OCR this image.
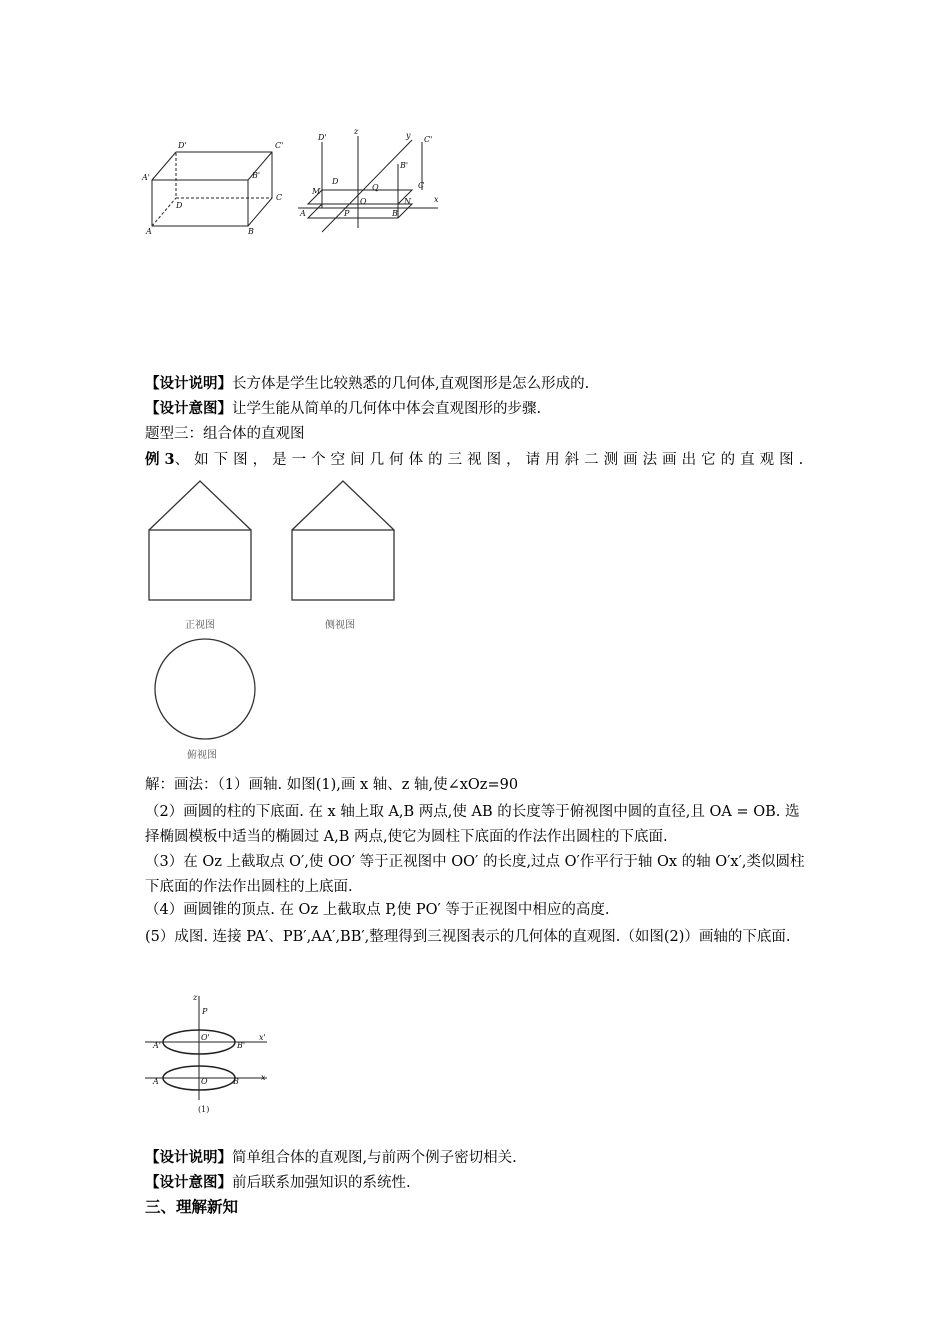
D'	C'
A'	B'
D
C
A	B
D'
z	y C'
B'
M
D
Q	C
x
O
A	P	B
N
【设计说明】长方体是学生比较熟悉的几何体,直观图形是怎么形成的.
【设计意图】让学生能从简单的几何体中体会直观图形的步骤.
题型三：组合体的直观图
例 3、如下图，是一个空间几何体的三视图，请用斜二测画法画出它的直观图.
正视图	侧视图
俯视图
解：画法：（1）画轴. 如图(1),画 x 轴、z 轴,使∠xOz=90
（2）画圆的柱的下底面. 在 x 轴上取 A,B 两点,使 AB 的长度等于俯视图中圆的直径,且 OA = OB. 选择椭圆模板中适当的椭圆过 A,B 两点,使它为圆柱下底面的作法作出圆柱的下底面.
（3）在 Oz 上截取点 O′,使 OO′ 等于正视图中 OO′ 的长度,过点 O′作平行于轴 Ox 的轴 O′x′,类似圆柱下底面的作法作出圆柱的上底面.
（4）画圆锥的顶点. 在 Oz 上截取点 P,使 PO′ 等于正视图中相应的高度.
(5）成图. 连接 PA′、PB′,AA′,BB′,整理得到三视图表示的几何体的直观图.（如图(2)）画轴的下底面.
z
P
A'
O'
B'
x'
A	O	B	x
(1)
【设计说明】简单组合体的直观图,与前两个例子密切相关.
【设计意图】前后联系加强知识的系统性.
三、理解新知
